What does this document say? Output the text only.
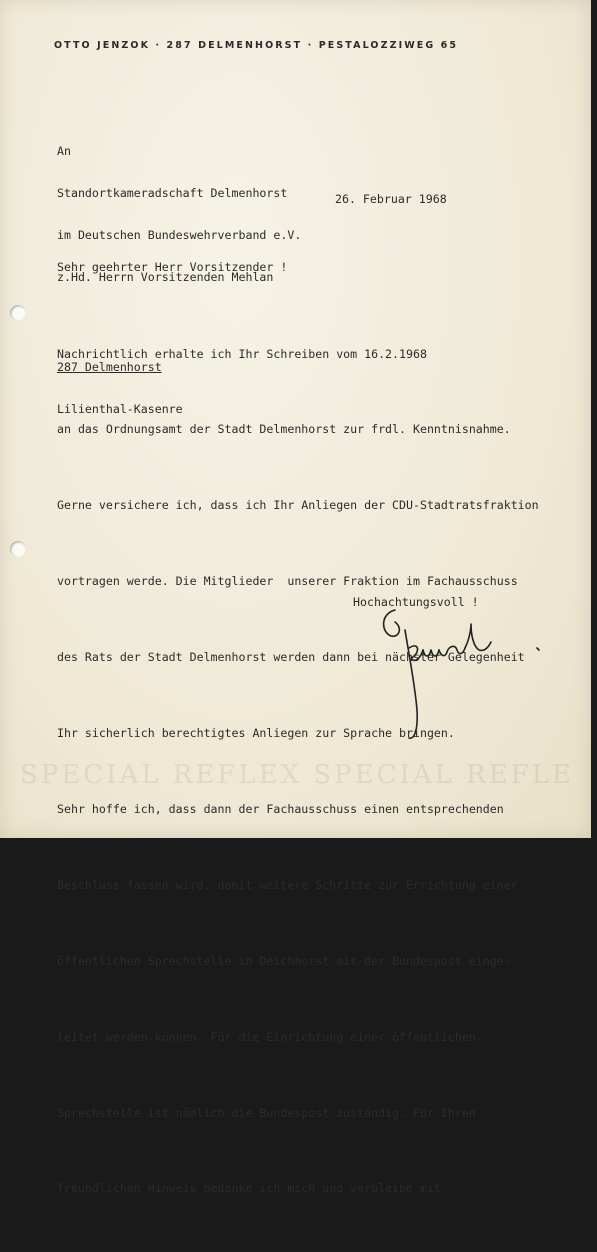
OTTO JENZOK · 287 DELMENHORST · PESTALOZZIWEG 65

An

Standortkameradschaft Delmenhorst

im Deutschen Bundeswehrverband e.V.

z.Hd. Herrn Vorsitzenden Mehlan

287 Delmenhorst

Lilienthal-Kasenre

26. Februar 1968
Sehr geehrter Herr Vorsitzender !

Nachrichtlich erhalte ich Ihr Schreiben vom 16.2.1968

an das Ordnungsamt der Stadt Delmenhorst zur frdl. Kenntnisnahme.

Gerne versichere ich, dass ich Ihr Anliegen der CDU-Stadtratsfraktion

vortragen werde. Die Mitglieder  unserer Fraktion im Fachausschuss

des Rats der Stadt Delmenhorst werden dann bei nächster Gelegenheit

Ihr sicherlich berechtigtes Anliegen zur Sprache bringen.

Sehr hoffe ich, dass dann der Fachausschuss einen entsprechenden

Beschluss fassen wird, damit weitere Schritte zur Errichtung einer

öffentlichen Sprechstelle in Deichhorst mit der Bundespost einge-

leitet werden können. Für die Einrichtung einer öffentlichen

Sprechstelle ist nämlich die Bundespost zuständig. Für Ihren

freundlichen Hinweis bedanke ich mich und verbleibe mit

Hochachtungsvoll !
SPECIAL REFLEX SPECIAL REFLE
